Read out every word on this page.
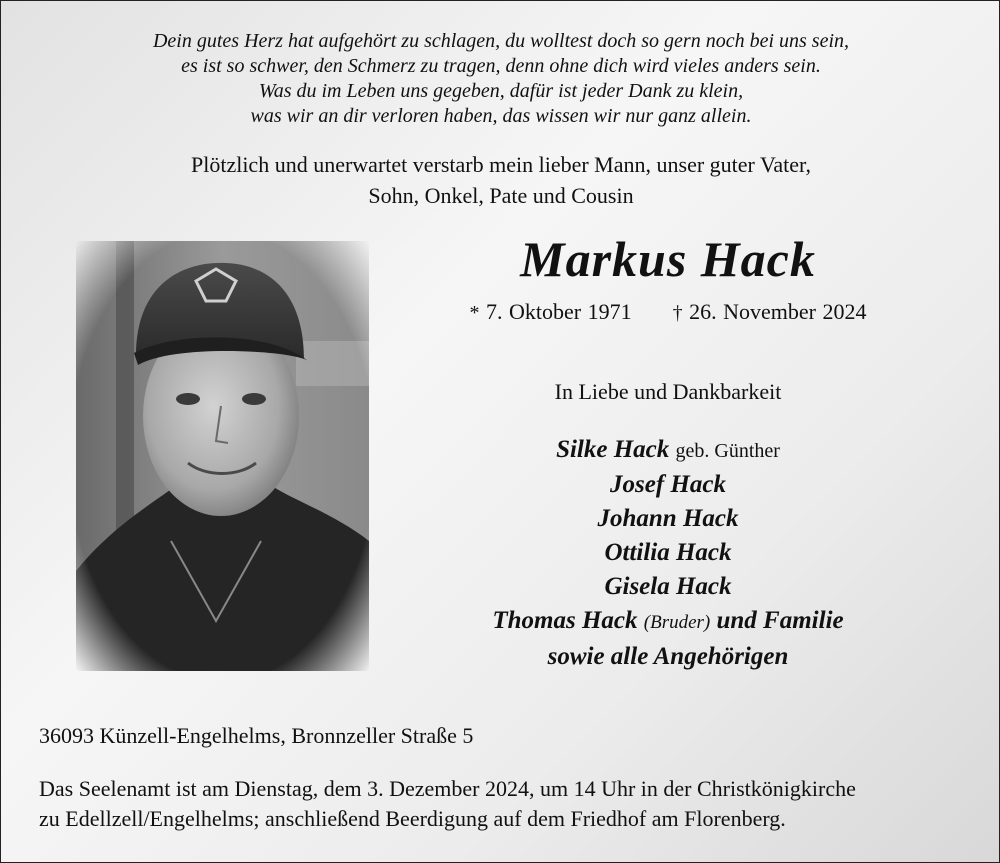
Dein gutes Herz hat aufgehört zu schlagen, du wolltest doch so gern noch bei uns sein,
es ist so schwer, den Schmerz zu tragen, denn ohne dich wird vieles anders sein.
Was du im Leben uns gegeben, dafür ist jeder Dank zu klein,
was wir an dir verloren haben, das wissen wir nur ganz allein.
Plötzlich und unerwartet verstarb mein lieber Mann, unser guter Vater,
Sohn, Onkel, Pate und Cousin
Markus Hack
* 7. Oktober 1971 † 26. November 2024
In Liebe und Dankbarkeit
Silke Hack geb. Günther
Josef Hack
Johann Hack
Ottilia Hack
Gisela Hack
Thomas Hack (Bruder) und Familie
sowie alle Angehörigen
36093 Künzell-Engelhelms, Bronnzeller Straße 5
Das Seelenamt ist am Dienstag, dem 3. Dezember 2024, um 14 Uhr in der Christkönigkirche
zu Edellzell/Engelhelms; anschließend Beerdigung auf dem Friedhof am Florenberg.
